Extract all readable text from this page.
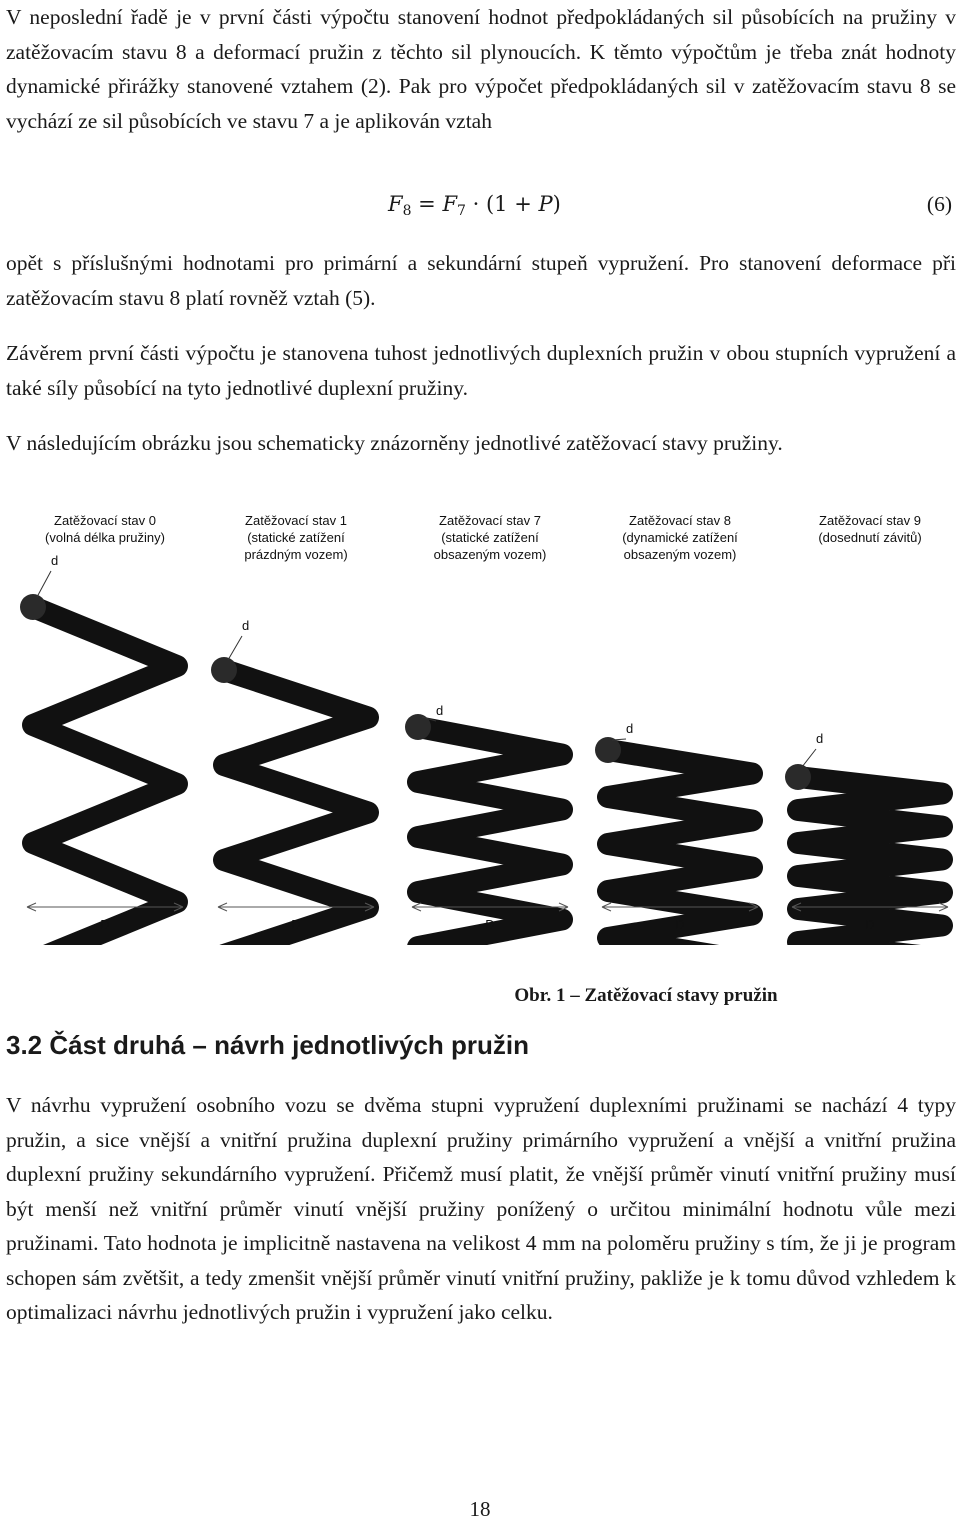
V neposlední řadě je v první části výpočtu stanovení hodnot předpokládaných sil působících na pružiny v zatěžovacím stavu 8 a deformací pružin z těchto sil plynoucích. K těmto výpočtům je třeba znát hodnoty dynamické přirážky stanovené vztahem (2). Pak pro výpočet předpokládaných sil v zatěžovacím stavu 8 se vychází ze sil působících ve stavu 7 a je aplikován vztah

$F_8 = F_7 \cdot (1 + P)$	(6)

opět s příslušnými hodnotami pro primární a sekundární stupeň vypružení. Pro stanovení deformace při zatěžovacím stavu 8 platí rovněž vztah (5).

Závěrem první části výpočtu je stanovena tuhost jednotlivých duplexních pružin v obou stupních vypružení a také síly působící na tyto jednotlivé duplexní pružiny.

V následujícím obrázku jsou schematicky znázorněny jednotlivé zatěžovací stavy pružiny.

Zatěžovací stav 0
(volná délka pružiny)
d
D
Zatěžovací stav 1
(statické zatížení
prázdným vozem)
d
D
Zatěžovací stav 7
(statické zatížení
obsazeným vozem)
d
D
Zatěžovací stav 8
(dynamické zatížení
obsazeným vozem)
d
D
Zatěžovací stav 9
(dosednutí závitů)
d
D
Obr. 1 – Zatěžovací stavy pružin
3.2 Část druhá – návrh jednotlivých pružin

V návrhu vypružení osobního vozu se dvěma stupni vypružení duplexními pružinami se nachází 4 typy pružin, a sice vnější a vnitřní pružina duplexní pružiny primárního vypružení a vnější a vnitřní pružina duplexní pružiny sekundárního vypružení. Přičemž musí platit, že vnější průměr vinutí vnitřní pružiny musí být menší než vnitřní průměr vinutí vnější pružiny ponížený o určitou minimální hodnotu vůle mezi pružinami. Tato hodnota je implicitně nastavena na velikost 4 mm na poloměru pružiny s tím, že ji je program schopen sám zvětšit, a tedy zmenšit vnější průměr vinutí vnitřní pružiny, pakliže je k tomu důvod vzhledem k optimalizaci návrhu jednotlivých pružin i vypružení jako celku.

18
